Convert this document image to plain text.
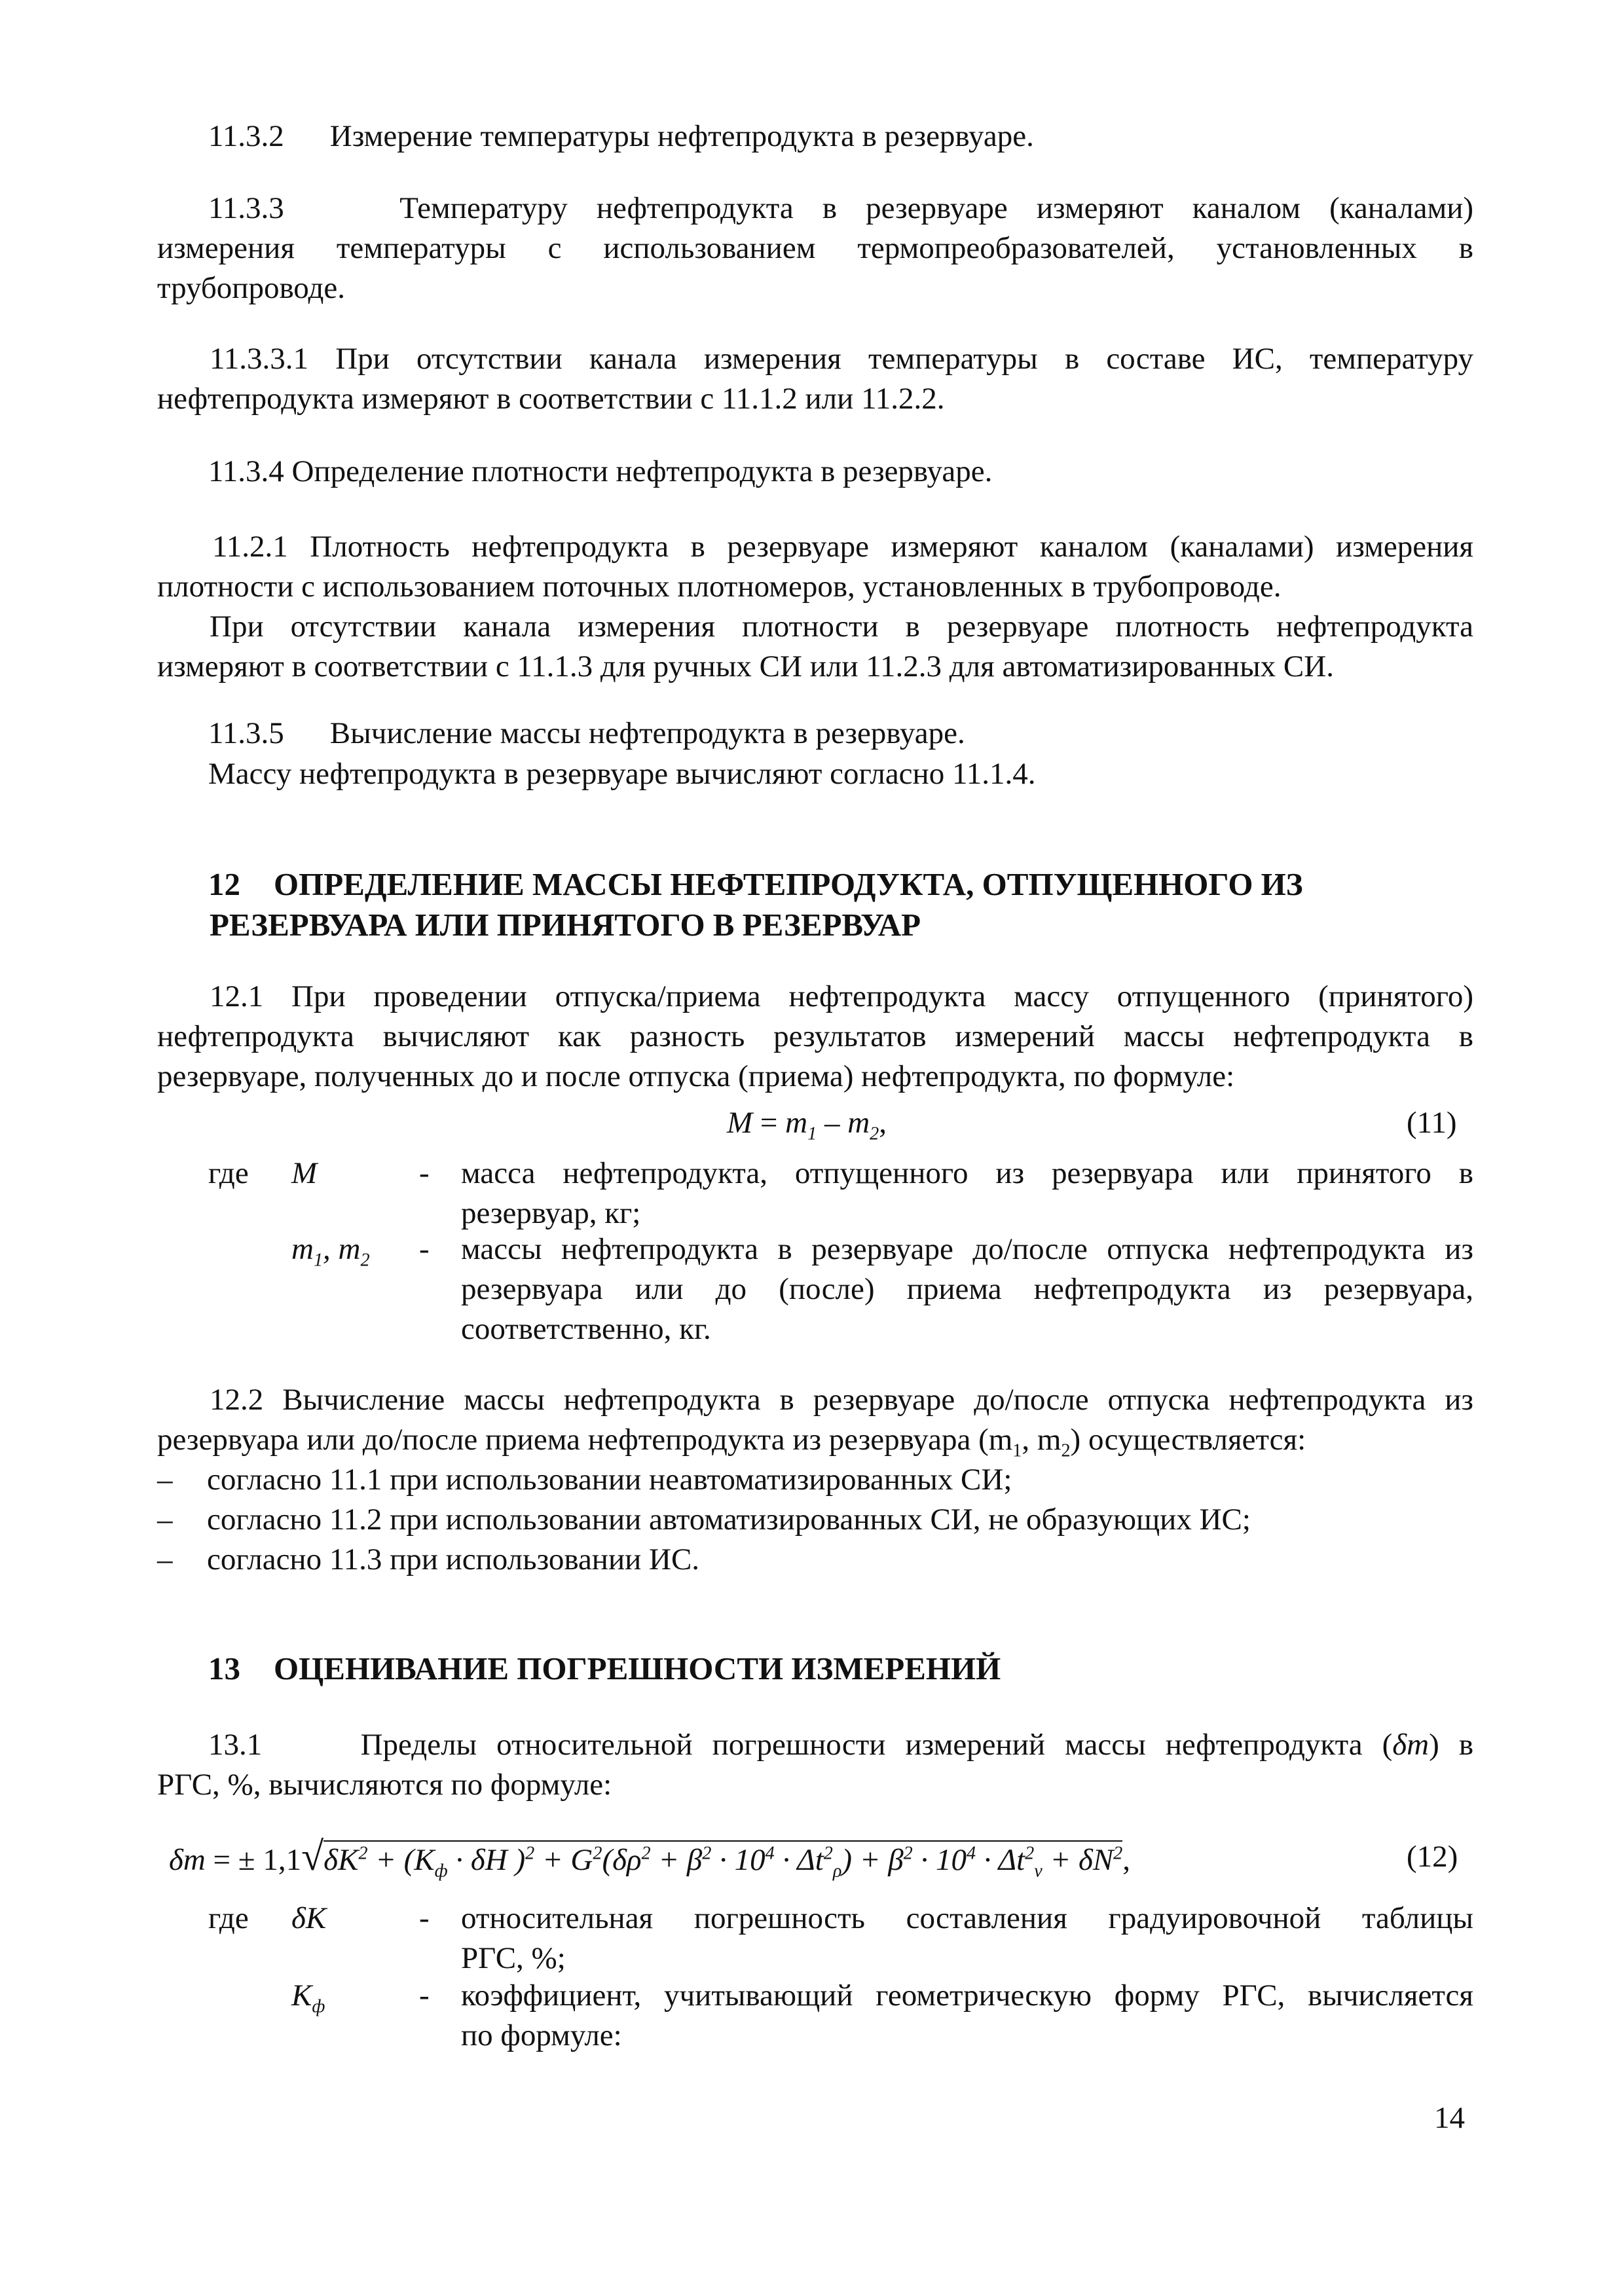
11.3.2 Измерение температуры нефтепродукта в резервуаре.
11.3.3	Температуру нефтепродукта в резервуаре измеряют каналом (каналами)
измерения температуры с использованием термопреобразователей, установленных в
трубопроводе.
11.3.3.1 При отсутствии канала измерения температуры в составе ИС, температуру
нефтепродукта измеряют в соответствии с 11.1.2 или 11.2.2.
11.3.4 Определение плотности нефтепродукта в резервуаре.
11.2.1 Плотность нефтепродукта в резервуаре измеряют каналом (каналами) измерения
плотности с использованием поточных плотномеров, установленных в трубопроводе.
При отсутствии канала измерения плотности в резервуаре плотность нефтепродукта
измеряют в соответствии с 11.1.3 для ручных СИ или 11.2.3 для автоматизированных СИ.
11.3.5 Вычисление массы нефтепродукта в резервуаре.
Массу нефтепродукта в резервуаре вычисляют согласно 11.1.4.
12 ОПРЕДЕЛЕНИЕ МАССЫ НЕФТЕПРОДУКТА, ОТПУЩЕННОГО ИЗ
РЕЗЕРВУАРА ИЛИ ПРИНЯТОГО В РЕЗЕРВУАР
12.1 При проведении отпуска/приема нефтепродукта массу отпущенного (принятого)
нефтепродукта вычисляют как разность результатов измерений массы нефтепродукта в
резервуаре, полученных до и после отпуска (приема) нефтепродукта, по формуле:
$M = m_1 - m_2$,	(11)
где M	- масса нефтепродукта, отпущенного из резервуара или принятого в
резервуар, кг;
$m_1$, $m_2$ - массы нефтепродукта в резервуаре до/после отпуска нефтепродукта из
резервуара или до (после) приема нефтепродукта из резервуара,
соответственно, кг.
12.2 Вычисление массы нефтепродукта в резервуаре до/после отпуска нефтепродукта из
резервуара или до/после приема нефтепродукта из резервуара ($m_1$, $m_2$) осуществляется:
– согласно 11.1 при использовании неавтоматизированных СИ;
– согласно 11.2 при использовании автоматизированных СИ, не образующих ИС;
– согласно 11.3 при использовании ИС.
13 ОЦЕНИВАНИЕ ПОГРЕШНОСТИ ИЗМЕРЕНИЙ
13.1	Пределы относительной погрешности измерений массы нефтепродукта (δm) в
РГС, %, вычисляются по формуле:
δm = ± $1,1√\delta K^2 + (K_ф \cdot \delta H$ )$^2 + G^2(\delta\rho^2 + \beta^2 \cdot 10^4 \cdot \Delta t^2_\rho) + \beta^2 \cdot 10^4 \cdot \Delta t^2_v + \delta N^2$,	(12)
где δK	- относительная погрешность составления градуировочной таблицы
РГС, %;
$K_ф$	- коэффициент, учитывающий геометрическую форму РГС, вычисляется
по формуле:
14
